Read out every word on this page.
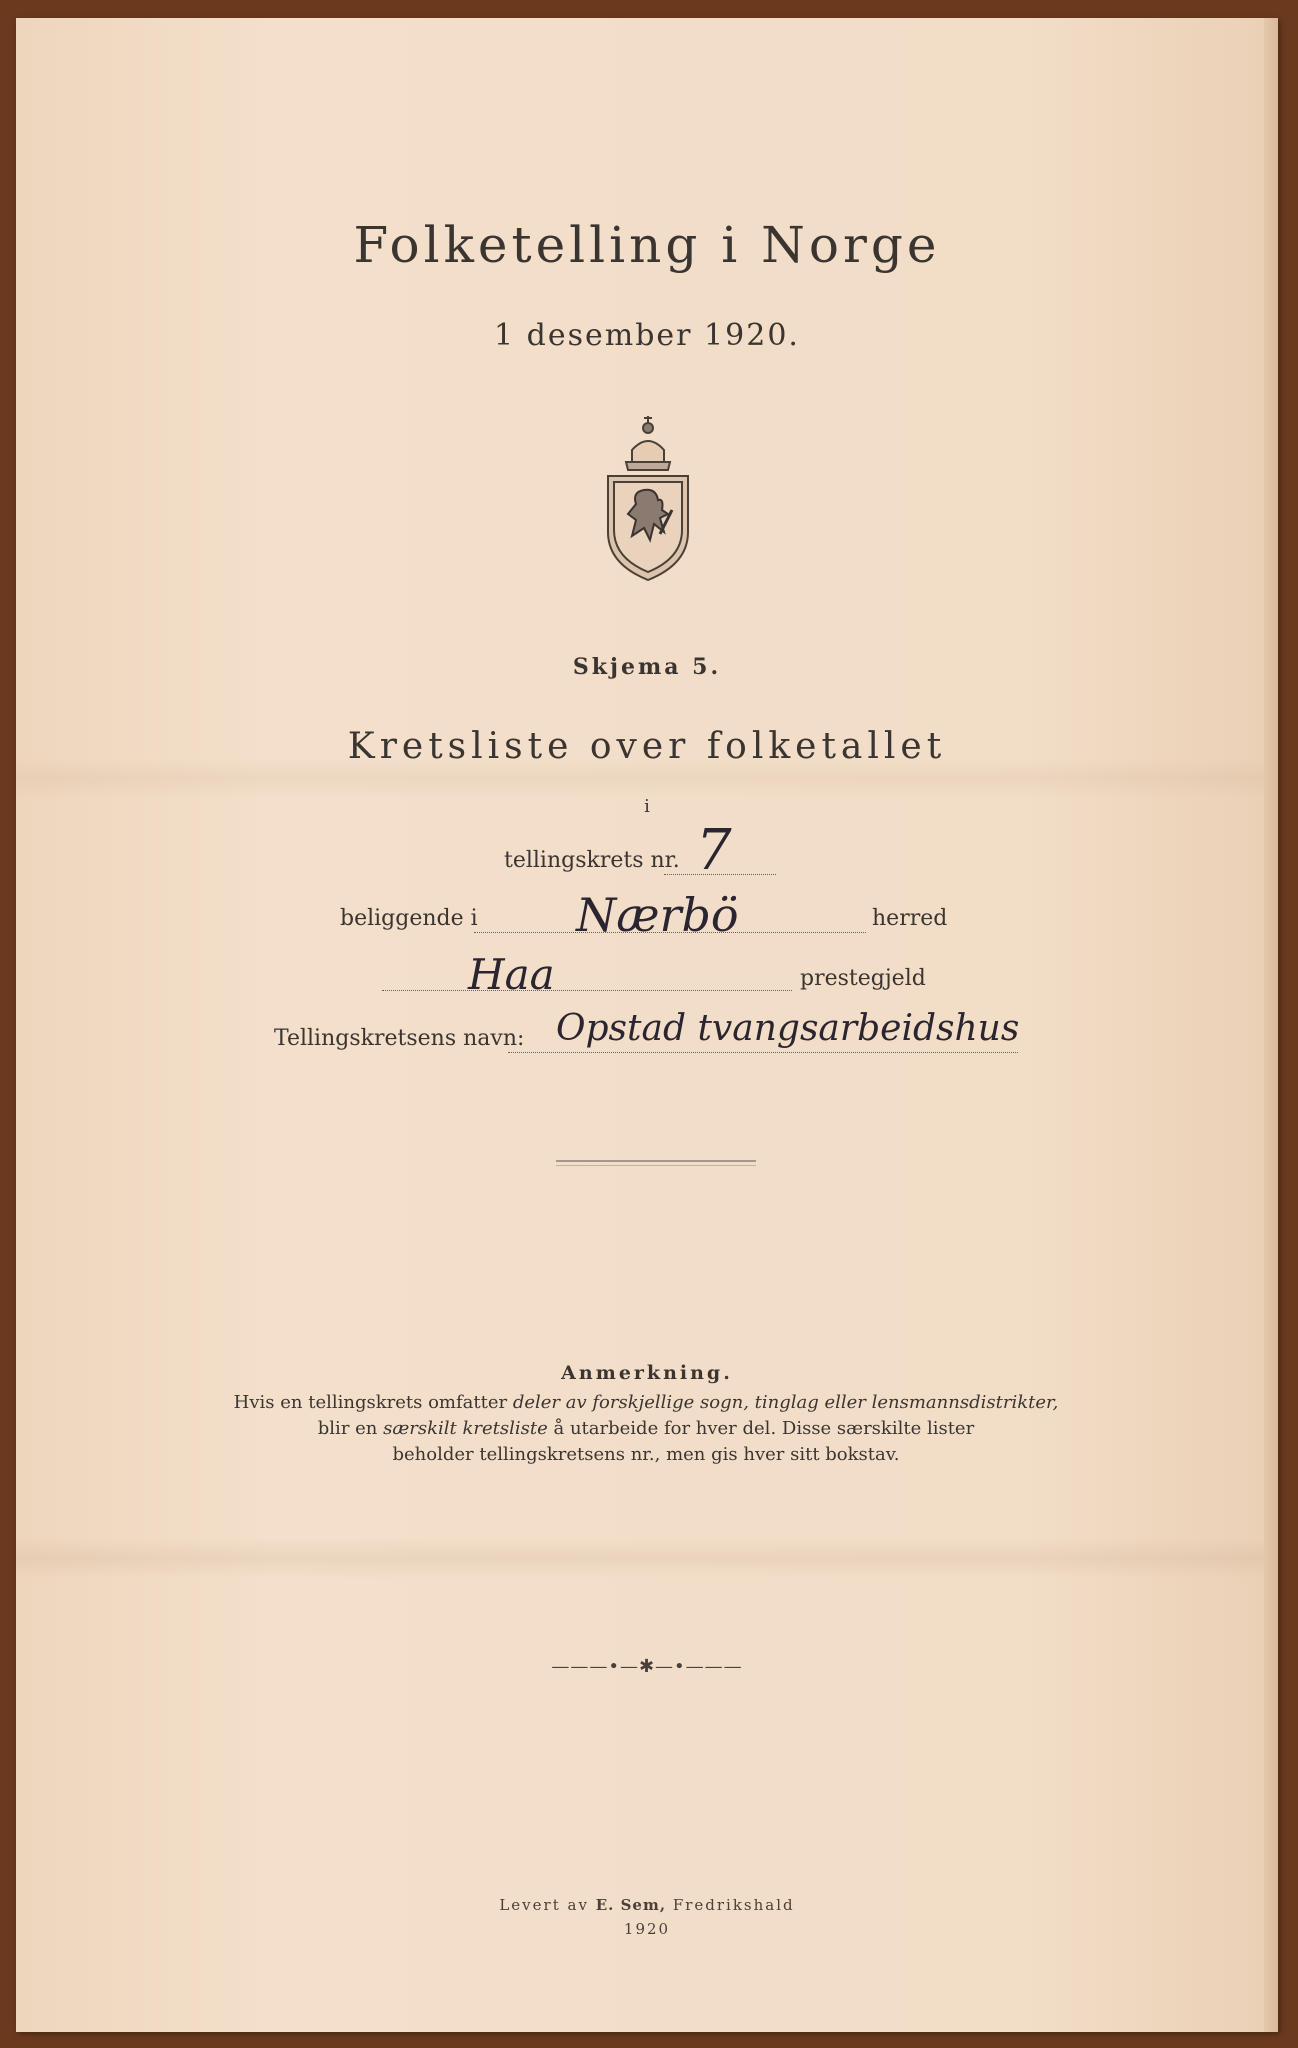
Folketelling i Norge
1 desember 1920.
Skjema 5.
Kretsliste over folketallet
i
tellingskrets nr. 7
beliggende i Nærbö	herred
Haa	prestegjeld
Tellingskretsens navn: Opstad tvangsarbeidshus
Anmerkning.
Hvis en tellingskrets omfatter deler av forskjellige sogn, tinglag eller lensmannsdistrikter,
blir en særskilt kretsliste å utarbeide for hver del. Disse særskilte lister
beholder tellingskretsens nr., men gis hver sitt bokstav.
———•—✱—•———
Levert av E. Sem, Fredrikshald
1920
